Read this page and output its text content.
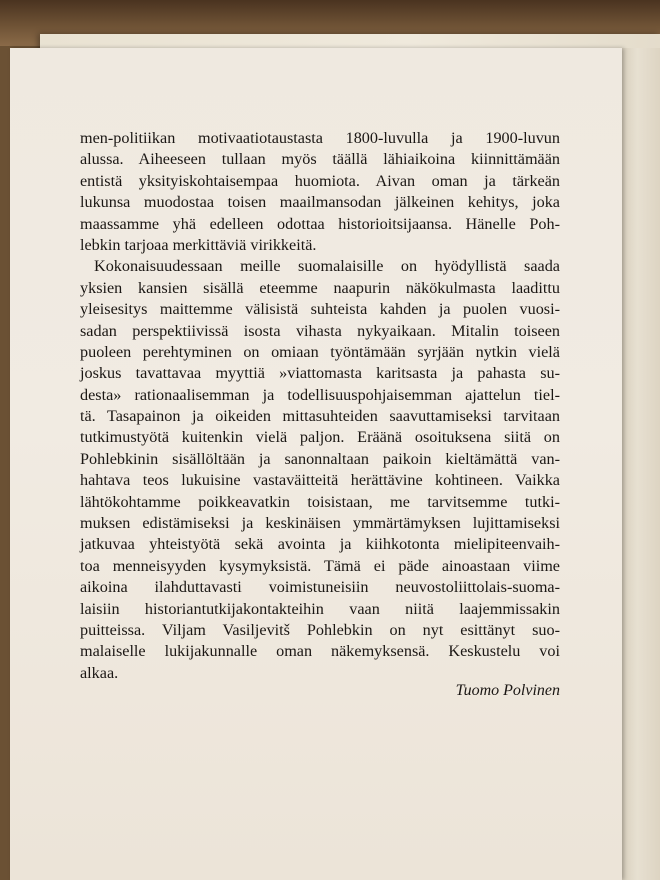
men-politiikan motivaatiotaustasta 1800-luvulla ja 1900-luvun
alussa. Aiheeseen tullaan myös täällä lähiaikoina kiinnittämään
entistä yksityiskohtaisempaa huomiota. Aivan oman ja tärkeän
lukunsa muodostaa toisen maailmansodan jälkeinen kehitys, joka
maassamme yhä edelleen odottaa historioitsijaansa. Hänelle Poh-
lebkin tarjoaa merkittäviä virikkeitä.
Kokonaisuudessaan meille suomalaisille on hyödyllistä saada
yksien kansien sisällä eteemme naapurin näkökulmasta laadittu
yleisesitys maittemme välisistä suhteista kahden ja puolen vuosi-
sadan perspektiivissä isosta vihasta nykyaikaan. Mitalin toiseen
puoleen perehtyminen on omiaan työntämään syrjään nytkin vielä
joskus tavattavaa myyttiä »viattomasta karitsasta ja pahasta su-
desta» rationaalisemman ja todellisuuspohjaisemman ajattelun tiel-
tä. Tasapainon ja oikeiden mittasuhteiden saavuttamiseksi tarvitaan
tutkimustyötä kuitenkin vielä paljon. Eräänä osoituksena siitä on
Pohlebkinin sisällöltään ja sanonnaltaan paikoin kieltämättä van-
hahtava teos lukuisine vastaväitteitä herättävine kohtineen. Vaikka
lähtökohtamme poikkeavatkin toisistaan, me tarvitsemme tutki-
muksen edistämiseksi ja keskinäisen ymmärtämyksen lujittamiseksi
jatkuvaa yhteistyötä sekä avointa ja kiihkotonta mielipiteenvaih-
toa menneisyyden kysymyksistä. Tämä ei päde ainoastaan viime
aikoina ilahduttavasti voimistuneisiin neuvostoliittolais-suoma-
laisiin historiantutkijakontakteihin vaan niitä laajemmissakin
puitteissa. Viljam Vasiljevitš Pohlebkin on nyt esittänyt suo-
malaiselle lukijakunnalle oman näkemyksensä. Keskustelu voi
alkaa.
Tuomo Polvinen
